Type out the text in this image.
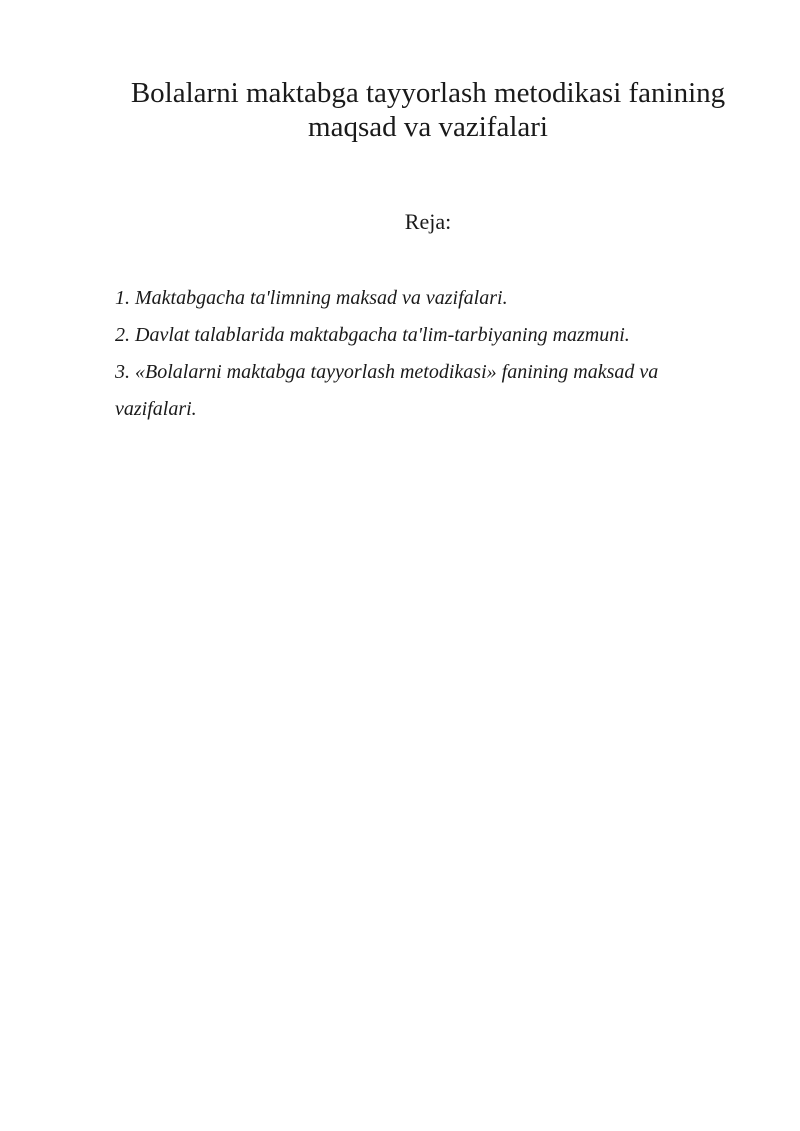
Bolalarni maktabga tayyorlash metodikasi fanining
maqsad va vazifalari
Reja:
1. Maktabgacha ta'limning maksad va vazifalari.
2. Davlat talablarida maktabgacha ta'lim-tarbiyaning mazmuni.
3. «Bolalarni maktabga tayyorlash metodikasi» fanining maksad va vazifalari.
